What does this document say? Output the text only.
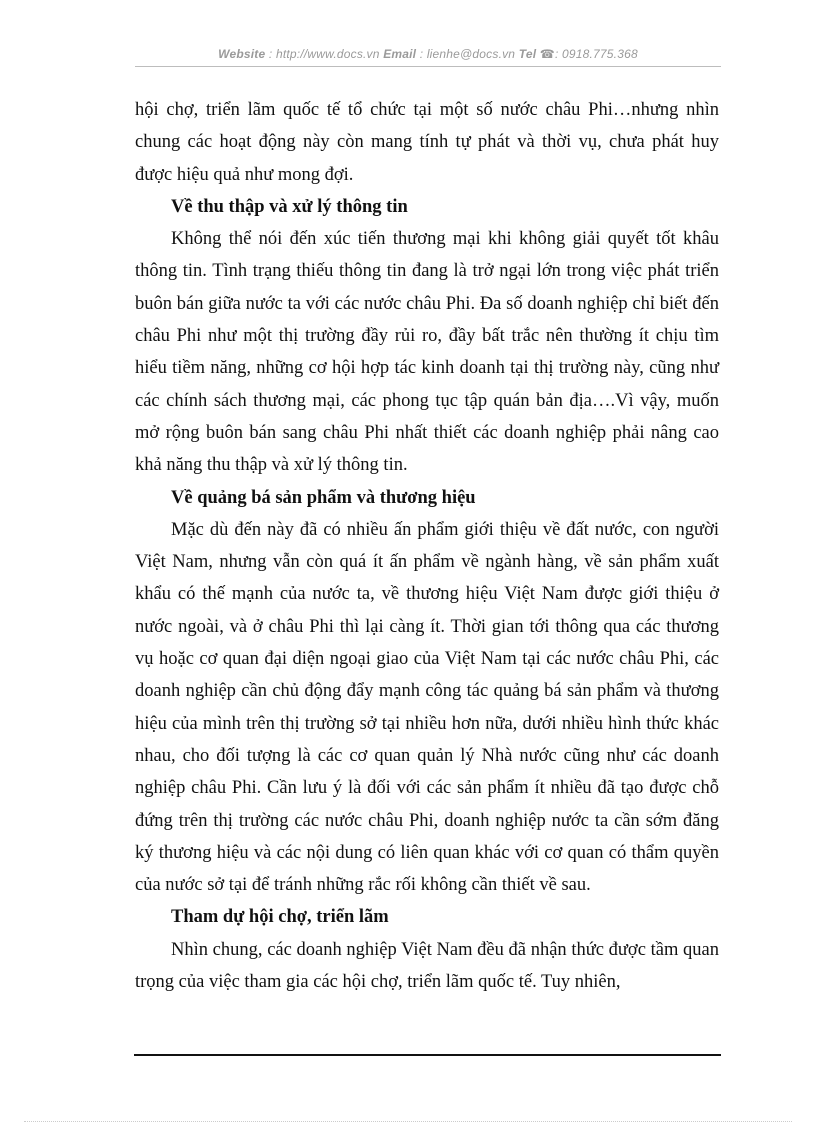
Website : http://www.docs.vn Email : lienhe@docs.vn Tel ☎: 0918.775.368

hội chợ, triển lãm quốc tế tổ chức tại một số nước châu Phi…nhưng nhìn chung các hoạt động này còn mang tính tự phát và thời vụ, chưa phát huy được hiệu quả như mong đợi.

Về thu thập và xử lý thông tin

Không thể nói đến xúc tiến thương mại khi không giải quyết tốt khâu thông tin. Tình trạng thiếu thông tin đang là trở ngại lớn trong việc phát triển buôn bán giữa nước ta với các nước châu Phi. Đa số doanh nghiệp chỉ biết đến châu Phi như một thị trường đầy rủi ro, đầy bất trắc nên thường ít chịu tìm hiểu tiềm năng, những cơ hội hợp tác kinh doanh tại thị trường này, cũng như các chính sách thương mại, các phong tục tập quán bản địa….Vì vậy, muốn mở rộng buôn bán sang châu Phi nhất thiết các doanh nghiệp phải nâng cao khả năng thu thập và xử lý thông tin.

Về quảng bá sản phẩm và thương hiệu

Mặc dù đến này đã có nhiều ấn phẩm giới thiệu về đất nước, con người Việt Nam, nhưng vẫn còn quá ít ấn phẩm về ngành hàng, về sản phẩm xuất khẩu có thế mạnh của nước ta, về thương hiệu Việt Nam được giới thiệu ở nước ngoài, và ở châu Phi thì lại càng ít. Thời gian tới thông qua các thương vụ hoặc cơ quan đại diện ngoại giao của Việt Nam tại các nước châu Phi, các doanh nghiệp cần chủ động đẩy mạnh công tác quảng bá sản phẩm và thương hiệu của mình trên thị trường sở tại nhiều hơn nữa, dưới nhiều hình thức khác nhau, cho đối tượng là các cơ quan quản lý Nhà nước cũng như các doanh nghiệp châu Phi. Cần lưu ý là đối với các sản phẩm ít nhiều đã tạo được chỗ đứng trên thị trường các nước châu Phi, doanh nghiệp nước ta cần sớm đăng ký thương hiệu và các nội dung có liên quan khác với cơ quan có thẩm quyền của nước sở tại để tránh những rắc rối không cần thiết về sau.

Tham dự hội chợ, triển lãm

Nhìn chung, các doanh nghiệp Việt Nam đều đã nhận thức được tầm quan trọng của việc tham gia các hội chợ, triển lãm quốc tế. Tuy nhiên,
